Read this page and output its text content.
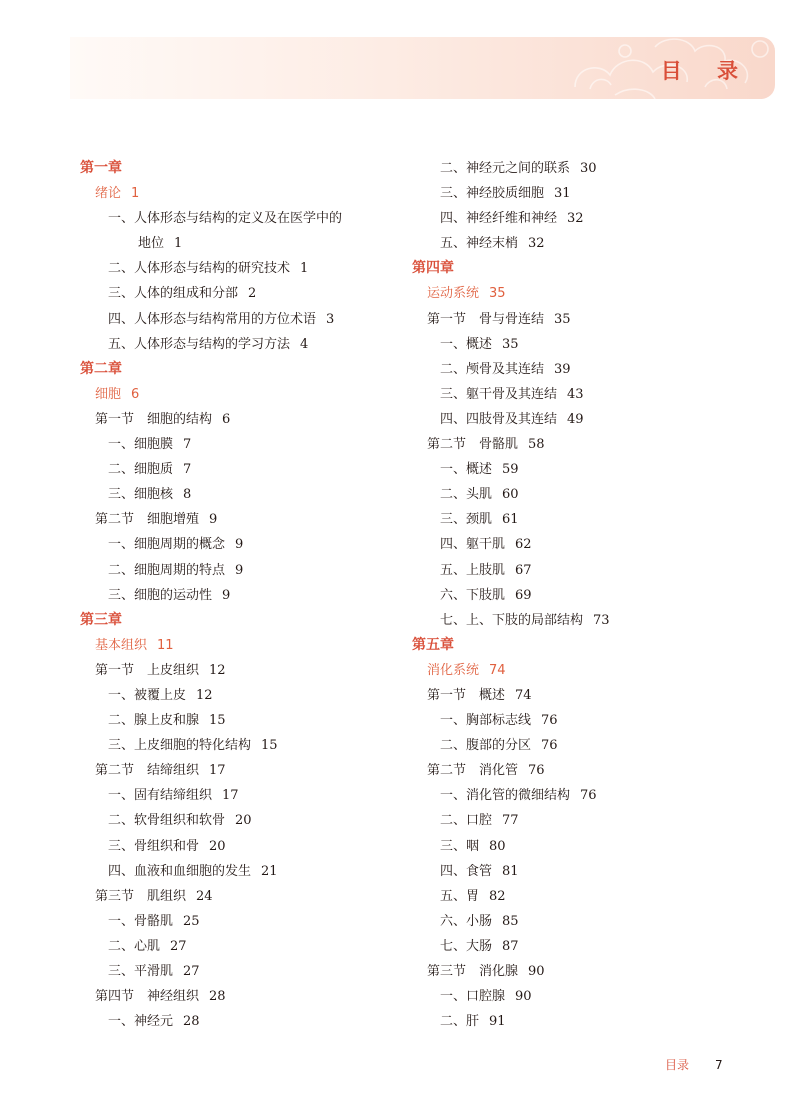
目 录
第一章
绪论 1
一、人体形态与结构的定义及在医学中的
地位 1
二、人体形态与结构的研究技术 1
三、人体的组成和分部 2
四、人体形态与结构常用的方位术语 3
五、人体形态与结构的学习方法 4
第二章
细胞 6
第一节　细胞的结构 6
一、细胞膜 7
二、细胞质 7
三、细胞核 8
第二节　细胞增殖 9
一、细胞周期的概念 9
二、细胞周期的特点 9
三、细胞的运动性 9
第三章
基本组织 11
第一节　上皮组织 12
一、被覆上皮 12
二、腺上皮和腺 15
三、上皮细胞的特化结构 15
第二节　结缔组织 17
一、固有结缔组织 17
二、软骨组织和软骨 20
三、骨组织和骨 20
四、血液和血细胞的发生 21
第三节　肌组织 24
一、骨骼肌 25
二、心肌 27
三、平滑肌 27
第四节　神经组织 28
一、神经元 28
二、神经元之间的联系 30
三、神经胶质细胞 31
四、神经纤维和神经 32
五、神经末梢 32
第四章
运动系统 35
第一节　骨与骨连结 35
一、概述 35
二、颅骨及其连结 39
三、躯干骨及其连结 43
四、四肢骨及其连结 49
第二节　骨骼肌 58
一、概述 59
二、头肌 60
三、颈肌 61
四、躯干肌 62
五、上肢肌 67
六、下肢肌 69
七、上、下肢的局部结构 73
第五章
消化系统 74
第一节　概述 74
一、胸部标志线 76
二、腹部的分区 76
第二节　消化管 76
一、消化管的微细结构 76
二、口腔 77
三、咽 80
四、食管 81
五、胃 82
六、小肠 85
七、大肠 87
第三节　消化腺 90
一、口腔腺 90
二、肝 91
目录 7
